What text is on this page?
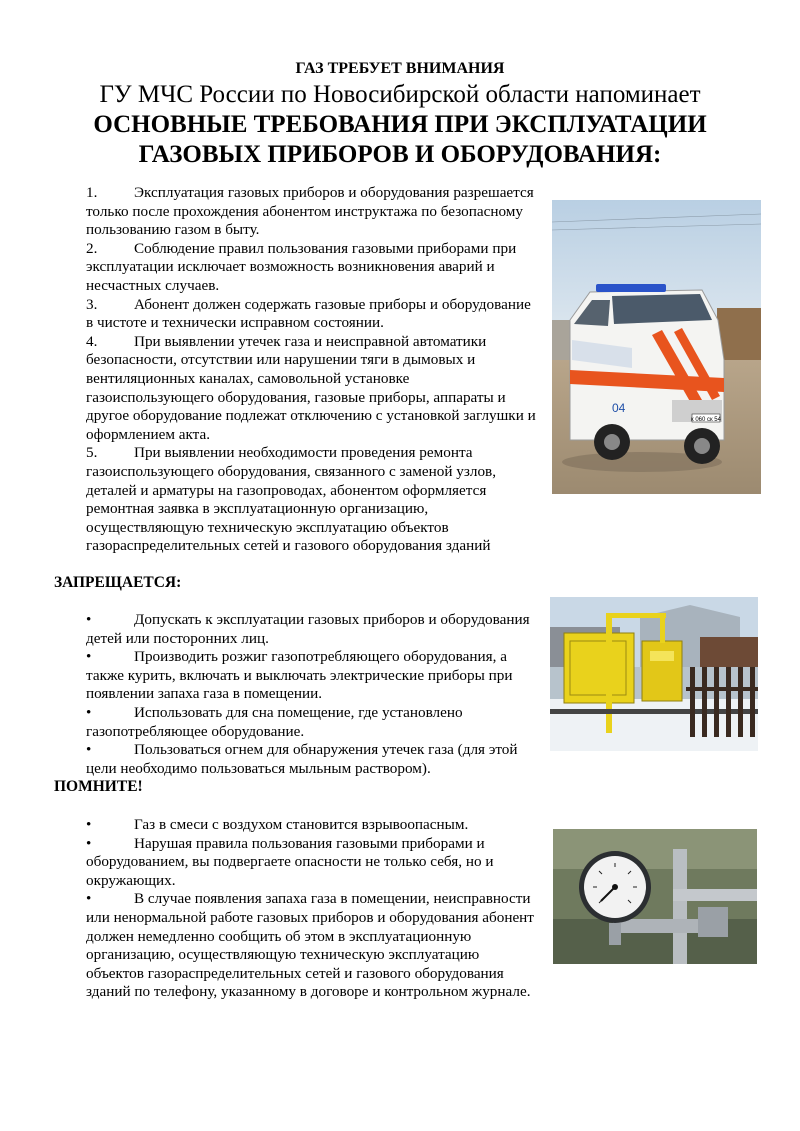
ГАЗ ТРЕБУЕТ ВНИМАНИЯ
ГУ МЧС России по Новосибирской области напоминает
ОСНОВНЫЕ ТРЕБОВАНИЯ ПРИ ЭКСПЛУАТАЦИИ
ГАЗОВЫХ ПРИБОРОВ И ОБОРУДОВАНИЯ:

1. Эксплуатация газовых приборов и оборудования разрешается только после прохождения абонентом инструктажа по безопасному пользованию газом в быту.

2. Соблюдение правил пользования газовыми приборами при эксплуатации исключает возможность возникновения аварий и несчастных случаев.

3. Абонент должен содержать газовые приборы и оборудование в чистоте и технически исправном состоянии.

4. При выявлении утечек газа и неисправной автоматики безопасности, отсутствии или нарушении тяги в дымовых и вентиляционных каналах, самовольной установке газоиспользующего оборудования, газовые приборы, аппараты и другое оборудование подлежат отключению с установкой заглушки и оформлением акта.

5. При выявлении необходимости проведения ремонта газоиспользующего оборудования, связанного с заменой узлов, деталей и арматуры на газопроводах, абонентом оформляется ремонтная заявка в эксплуатационную организацию, осуществляющую техническую эксплуатацию объектов газораспределительных сетей и газового оборудования зданий

к 060 ск 54
04
ЗАПРЕЩАЕТСЯ:

•	Допускать к эксплуатации газовых приборов и оборудования детей или посторонних лиц.

•	Производить розжиг газопотребляющего оборудования, а также курить, включать и выключать электрические приборы при появлении запаха газа в помещении.

•	Использовать для сна помещение, где установлено газопотребляющее оборудование.

•	Пользоваться огнем для обнаружения утечек газа (для этой цели необходимо пользоваться мыльным раствором).

ПОМНИТЕ!

•	Газ в смеси с воздухом становится взрывоопасным.

•	Нарушая правила пользования газовыми приборами и оборудованием, вы подвергаете опасности не только себя, но и окружающих.

•	В случае появления запаха газа в помещении, неисправности или ненормальной работе газовых приборов и оборудования абонент должен немедленно сообщить об этом в эксплуатационную организацию, осуществляющую техническую эксплуатацию объектов газораспределительных сетей и газового оборудования зданий по телефону, указанному в договоре и контрольном журнале.
